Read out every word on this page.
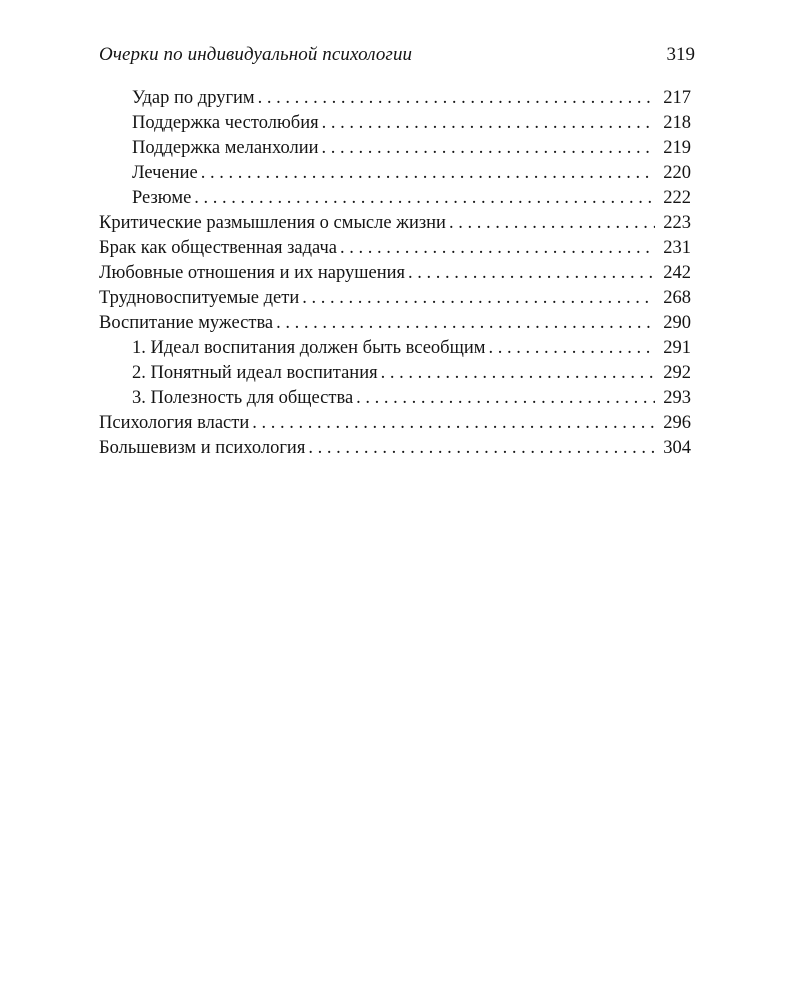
Очерки по индивидуальной психологии	319
Удар по другим . . .	217
Поддержка честолюбия . . .	218
Поддержка меланхолии . . .	219
Лечение . . .	220
Резюме . . .	222
Критические размышления о смысле жизни . . .	223
Брак как общественная задача . . .	231
Любовные отношения и их нарушения . . .	242
Трудновоспитуемые дети . . .	268
Воспитание мужества . . .	290
1. Идеал воспитания должен быть всеобщим . . .	291
2. Понятный идеал воспитания . . .	292
3. Полезность для общества . . .	293
Психология власти . . .	296
Большевизм и психология . . .	304
